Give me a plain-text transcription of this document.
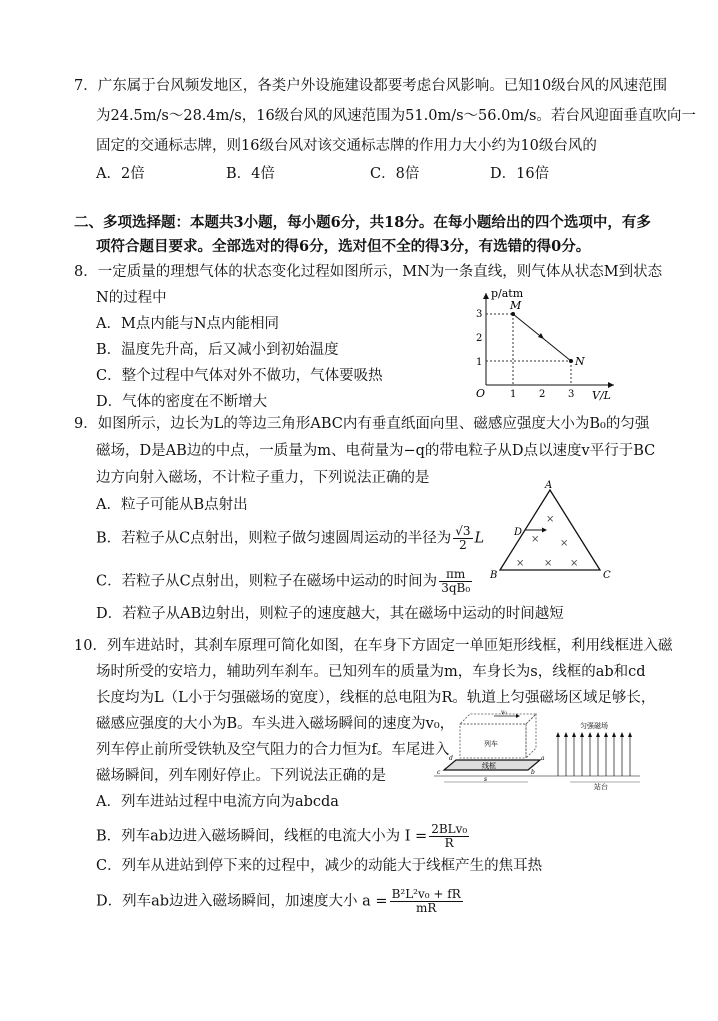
7．广东属于台风频发地区，各类户外设施建设都要考虑台风影响。已知10级台风的风速范围
为24.5m/s～28.4m/s，16级台风的风速范围为51.0m/s～56.0m/s。若台风迎面垂直吹向一
固定的交通标志牌，则16级台风对该交通标志牌的作用力大小约为10级台风的
A．2倍	B．4倍	C．8倍	D．16倍
二、多项选择题：本题共3小题，每小题6分，共18分。在每小题给出的四个选项中，有多
项符合题目要求。全部选对的得6分，选对但不全的得3分，有选错的得0分。
8．一定质量的理想气体的状态变化过程如图所示，MN为一条直线，则气体从状态M到状态
N的过程中
A．M点内能与N点内能相同
B．温度先升高，后又减小到初始温度
C．整个过程中气体对外不做功，气体要吸热
D．气体的密度在不断增大
p/atm
V/L
O 1 2 3
1
2
3
M
N
9．如图所示，边长为L的等边三角形ABC内有垂直纸面向里、磁感应强度大小为B₀的匀强
磁场，D是AB边的中点，一质量为m、电荷量为−q的带电粒子从D点以速度v平行于BC
边方向射入磁场，不计粒子重力，下列说法正确的是
A．粒子可能从B点射出
B．若粒子从C点射出，则粒子做匀速圆周运动的半径为 $\frac{√3}{2}$ L
C．若粒子从C点射出，则粒子在磁场中运动的时间为 $\frac{\pi m}{\text{3qB₀}}$
D．若粒子从AB边射出，则粒子的速度越大，其在磁场中运动的时间越短
A
B	C
D
×
× ×
× × ×
10．列车进站时，其刹车原理可简化如图，在车身下方固定一单匝矩形线框，利用线框进入磁
场时所受的安培力，辅助列车刹车。已知列车的质量为m，车身长为s，线框的ab和cd
长度均为L（L小于匀强磁场的宽度），线框的总电阻为R。轨道上匀强磁场区域足够长，
磁感应强度的大小为B。车头进入磁场瞬间的速度为v₀，
列车停止前所受铁轨及空气阻力的合力恒为f。车尾进入
磁场瞬间，列车刚好停止。下列说法正确的是
A．列车进站过程中电流方向为abcda
B．列车ab边进入磁场瞬间，线框的电流大小为 $I = \frac{\text{2BLv₀}}{R}$
C．列车从进站到停下来的过程中，减少的动能大于线框产生的焦耳热
D．列车ab边进入磁场瞬间，加速度大小 $a = \frac{\text{B²L²v₀ + fR}}{mR}$
列车
v₀
线框
a
b
c
d
s
匀强磁场
站台
